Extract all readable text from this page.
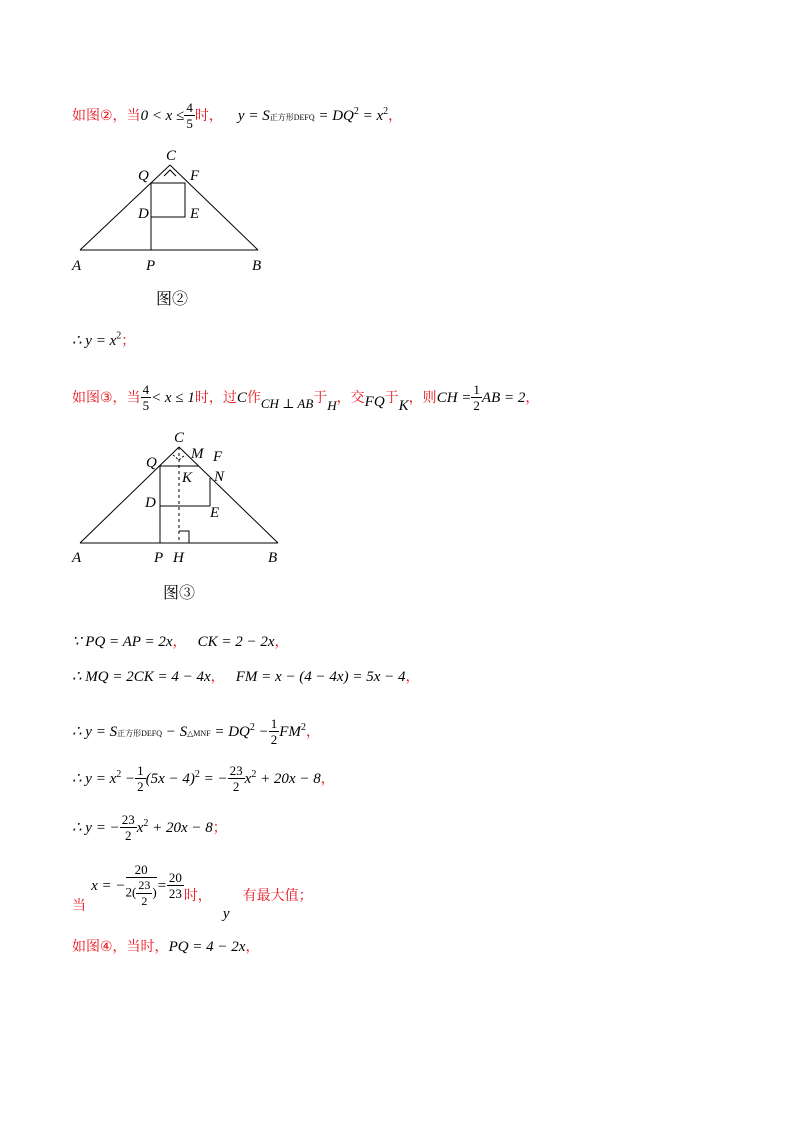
如图②，当$0 < x \le \frac{4}{5}$ 时， y = S正方形DEFQ = $DQ^2 = x^2$，
C
Q	F
D	E
A	P	B
图②
∴ $y = x^2$；
如图③，当 $\frac{4}{5} < x \le 1$时，过C作$_{CH \perp AB}$于$_H$，交FQ于K，则CH = $\frac{1}{2}$ AB = 2，
C
Q
M F
K N
D
E
A	P H	B
图③
∵ PQ = AP = 2x， CK = 2 − 2x，
∴ MQ = 2CK = 4 − 4x， FM = x − (4 − 4x) = 5x − 4，
∴ y = S正方形DEFQ − S△MNF = $DQ^2 - \frac{1}{2} FM^2$，
∴ $y = x^2 - \frac{1}{2} (5x - 4)^2$ = − $\frac{23}{2} x^2 + 20x - 8$，
∴ y = − $\frac{23}{2} x^2 + 20x - 8$；
当 x = − $\frac{20}{2( \frac{23}{2} )} = \frac{20}{23}$ 时， y 有最大值；
如图④，当时，PQ = 4 − 2x，
